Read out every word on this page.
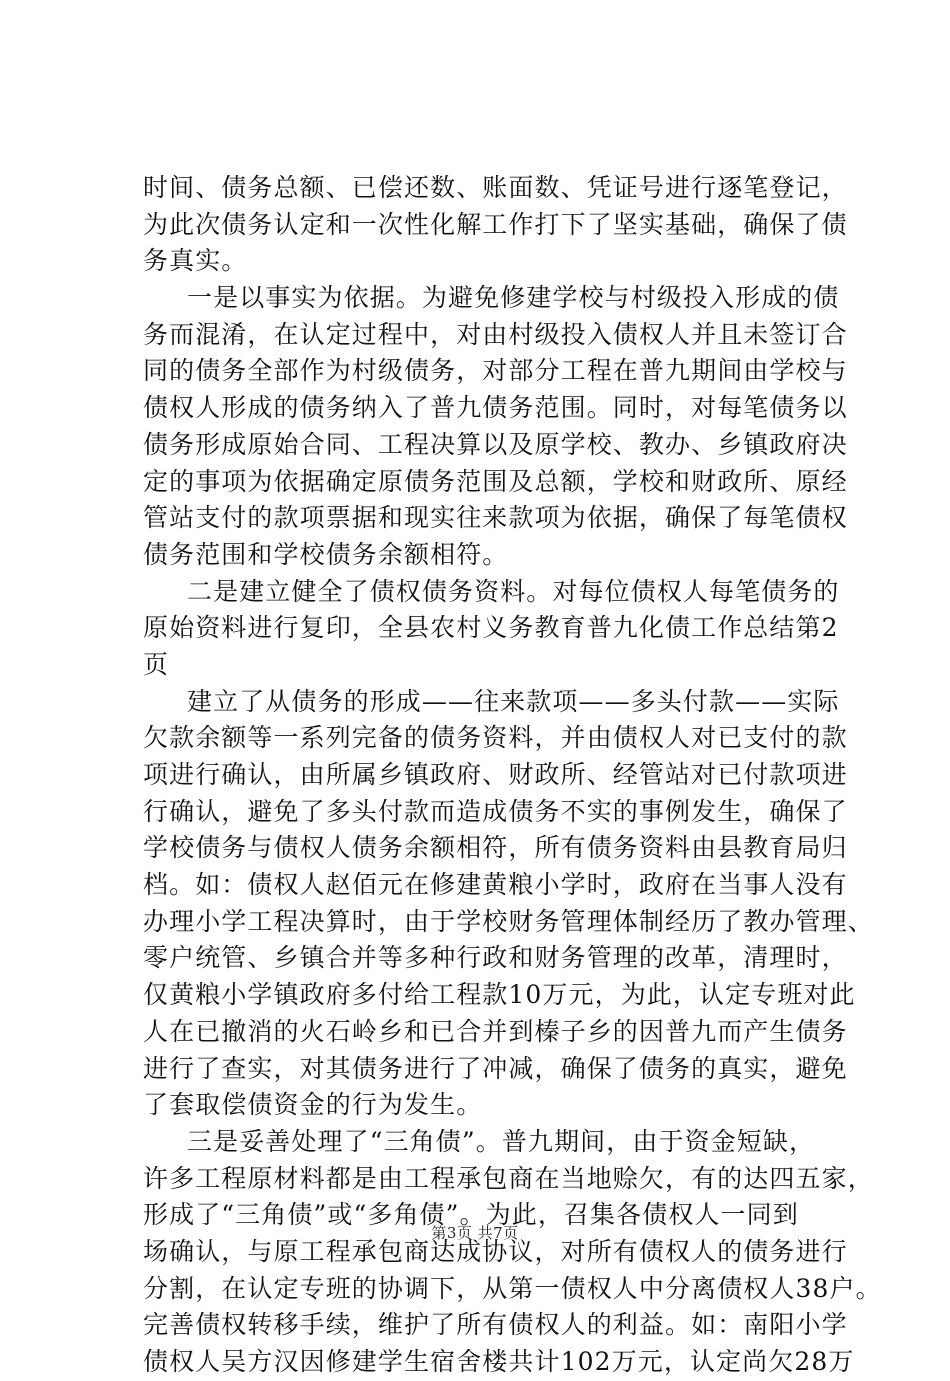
时间、债务总额、已偿还数、账面数、凭证号进行逐笔登记，
为此次债务认定和一次性化解工作打下了坚实基础，确保了债
务真实。
一是以事实为依据。为避免修建学校与村级投入形成的债
务而混淆，在认定过程中，对由村级投入债权人并且未签订合
同的债务全部作为村级债务，对部分工程在普九期间由学校与
债权人形成的债务纳入了普九债务范围。同时，对每笔债务以
债务形成原始合同、工程决算以及原学校、教办、乡镇政府决
定的事项为依据确定原债务范围及总额，学校和财政所、原经
管站支付的款项票据和现实往来款项为依据，确保了每笔债权
债务范围和学校债务余额相符。
二是建立健全了债权债务资料。对每位债权人每笔债务的
原始资料进行复印，全县农村义务教育普九化债工作总结第2
页
建立了从债务的形成——往来款项——多头付款——实际
欠款余额等一系列完备的债务资料，并由债权人对已支付的款
项进行确认，由所属乡镇政府、财政所、经管站对已付款项进
行确认，避免了多头付款而造成债务不实的事例发生，确保了
学校债务与债权人债务余额相符，所有债务资料由县教育局归
档。如：债权人赵佰元在修建黄粮小学时，政府在当事人没有
办理小学工程决算时，由于学校财务管理体制经历了教办管理、
零户统管、乡镇合并等多种行政和财务管理的改革，清理时，
仅黄粮小学镇政府多付给工程款10万元，为此，认定专班对此
人在已撤消的火石岭乡和已合并到榛子乡的因普九而产生债务
进行了查实，对其债务进行了冲减，确保了债务的真实，避免
了套取偿债资金的行为发生。
三是妥善处理了“三角债”。普九期间，由于资金短缺，
许多工程原材料都是由工程承包商在当地赊欠，有的达四五家，
形成了“三角债”或“多角债”。为此，召集各债权人一同到
场确认，与原工程承包商达成协议，对所有债权人的债务进行
分割，在认定专班的协调下，从第一债权人中分离债权人38户。
完善债权转移手续，维护了所有债权人的利益。如：南阳小学
债权人吴方汉因修建学生宿舍楼共计102万元，认定尚欠28万
第3页 共7页
